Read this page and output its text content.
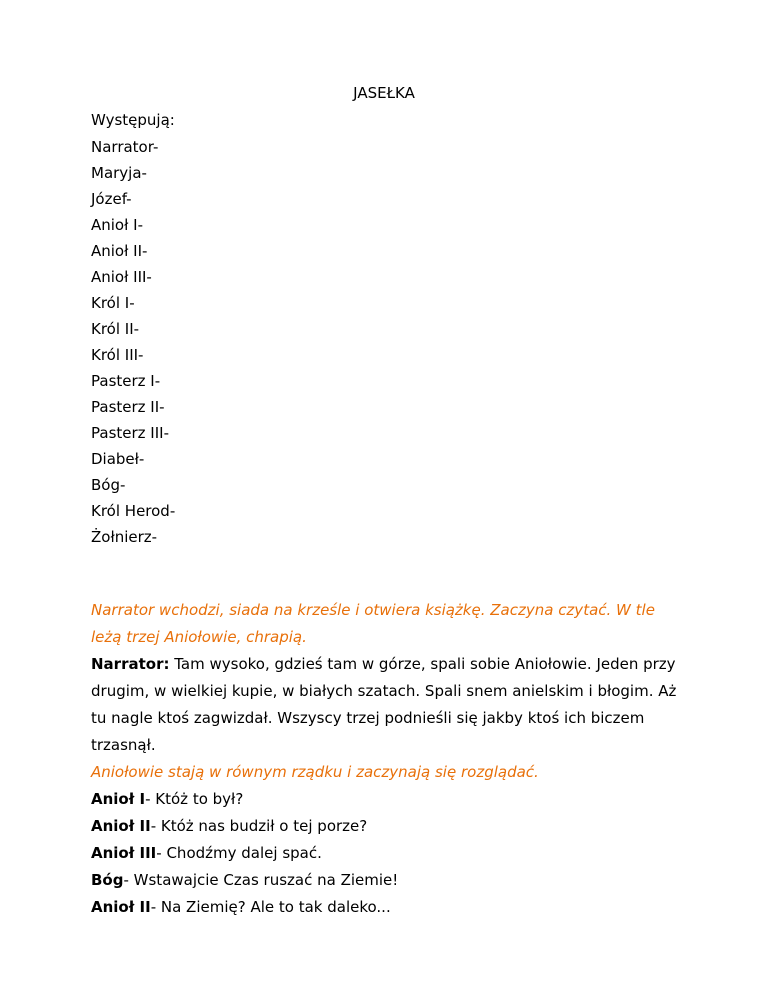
JASEŁKA

Występują:

Narrator-
Maryja-
Józef-
Anioł I-
Anioł II-
Anioł III-
Król I-
Król II-
Król III-
Pasterz I-
Pasterz II-
Pasterz III-
Diabeł-
Bóg-
Król Herod-
Żołnierz-

Narrator wchodzi, siada na krześle i otwiera książkę. Zaczyna czytać. W tle leżą trzej Aniołowie, chrapią.

Narrator: Tam wysoko, gdzieś tam w górze, spali sobie Aniołowie. Jeden przy drugim, w wielkiej kupie, w białych szatach. Spali snem anielskim i błogim. Aż tu nagle ktoś zagwizdał. Wszyscy trzej podnieśli się jakby ktoś ich biczem trzasnął.

Aniołowie stają w równym rządku i zaczynają się rozglądać.

Anioł I- Któż to był?

Anioł II- Któż nas budził o tej porze?

Anioł III- Chodźmy dalej spać.

Bóg- Wstawajcie Czas ruszać na Ziemie!

Anioł II- Na Ziemię? Ale to tak daleko...
